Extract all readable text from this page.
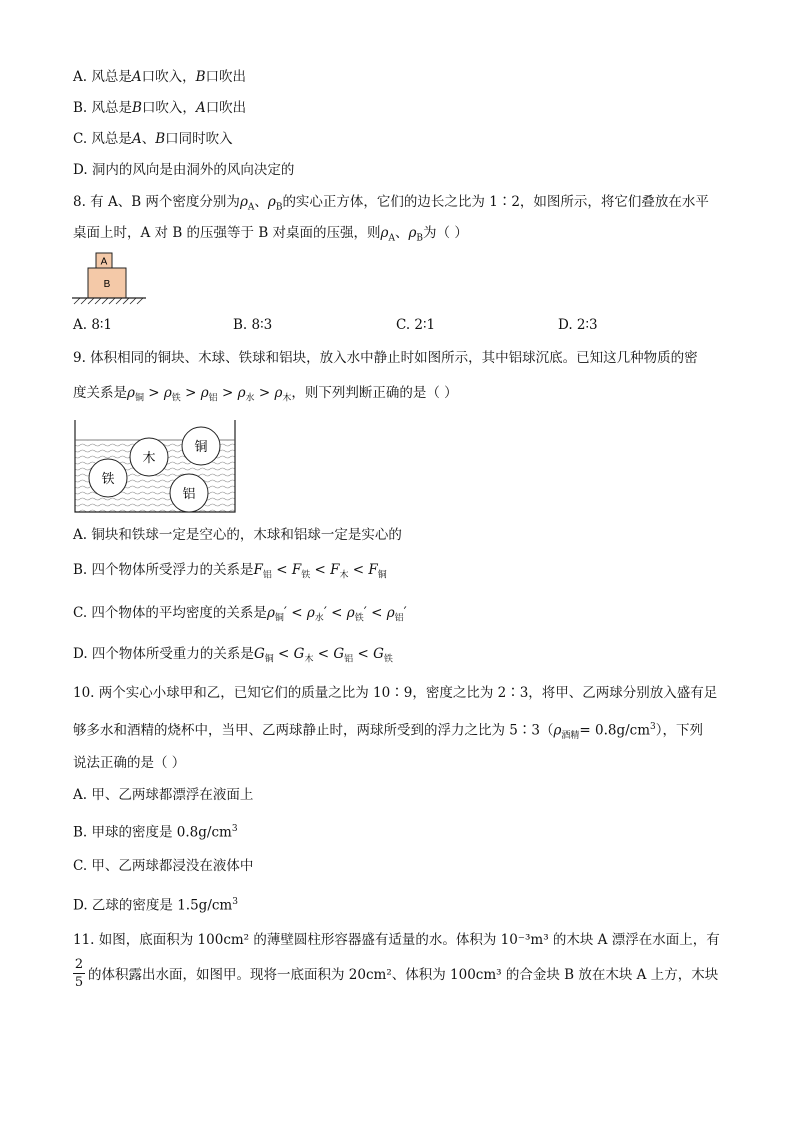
A. 风总是A口吹入，B口吹出
B. 风总是B口吹入，A口吹出
C. 风总是A、B口同时吹入
D. 洞内的风向是由洞外的风向决定的
8. 有 A、B 两个密度分别为$\rho_A$、$\rho_B$的实心正方体，它们的边长之比为 1∶2，如图所示，将它们叠放在水平
桌面上时，A 对 B 的压强等于 B 对桌面的压强，则$\rho_A$、$\rho_B$为（ ）
A
B
A. 8∶1	B. 8∶3	C. 2∶1	D. 2∶3
9. 体积相同的铜块、木球、铁球和铝块，放入水中静止时如图所示，其中铝球沉底。已知这几种物质的密
度关系是$\rho_铜 > \rho_铁 > \rho_铝 > \rho_水 > \rho_木$，则下列判断正确的是（ ）
木
铜
铁
铝
A. 铜块和铁球一定是空心的，木球和铝球一定是实心的
B. 四个物体所受浮力的关系是$F_铝 < F_铁 < F_木 < F_铜$
C. 四个物体的平均密度的关系是$\rho_铜' < \rho_水' < \rho_铁' < \rho_铝'$
D. 四个物体所受重力的关系是$G_铜 < G_木 < G_铝 < G_铁$
10. 两个实心小球甲和乙，已知它们的质量之比为 10∶9，密度之比为 2∶3，将甲、乙两球分别放入盛有足
够多水和酒精的烧杯中，当甲、乙两球静止时，两球所受到的浮力之比为 $5∶3(\rho_{酒精}= 0.8g/cm^3)$，下列
说法正确的是（ ）
A. 甲、乙两球都漂浮在液面上
B. 甲球的密度是 $0.8g/cm^3$
C. 甲、乙两球都浸没在液体中
D. 乙球的密度是 $1.5g/cm^3$
11. 如图，底面积为 100cm² 的薄壁圆柱形容器盛有适量的水。体积为 10⁻³m³ 的木块 A 漂浮在水面上，有
2
5 的体积露出水面，如图甲。现将一底面积为 20cm²、体积为 100cm³ 的合金块 B 放在木块 A 上方，木块
